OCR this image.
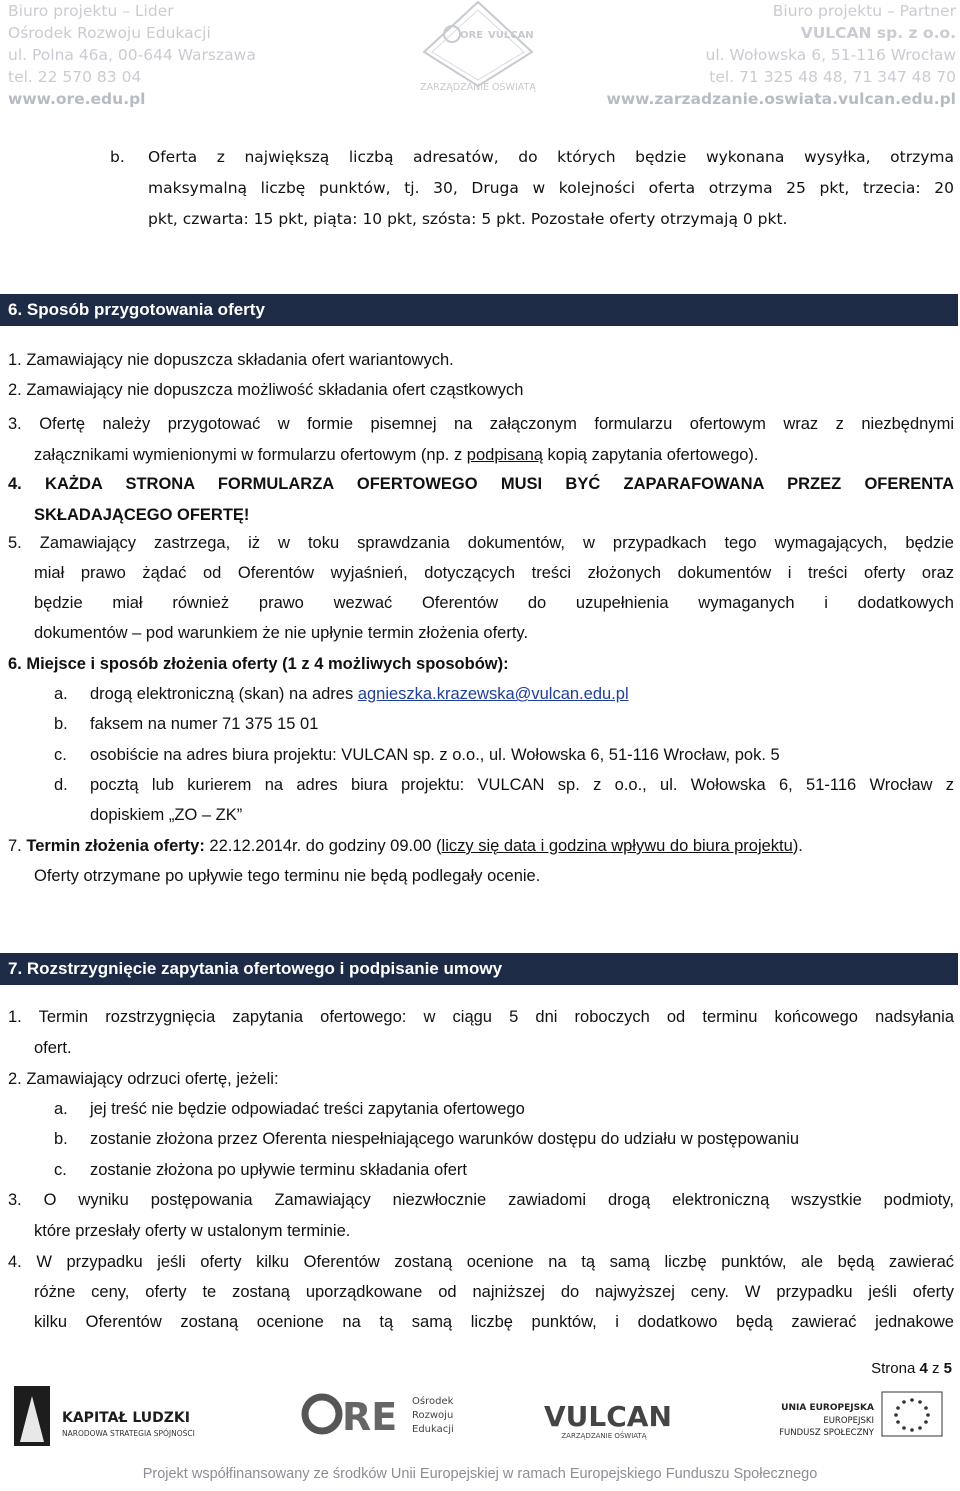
Biuro projektu – Lider
Ośrodek Rozwoju Edukacji
ul. Polna 46a, 00-644 Warszawa
tel. 22 570 83 04
www.ore.edu.pl
ORE VULCAN
ZARZĄDZANIE OŚWIATĄ
Biuro projektu – Partner
VULCAN sp. z o.o.
ul. Wołowska 6, 51-116 Wrocław
tel. 71 325 48 48, 71 347 48 70
www.zarzadzanie.oswiata.vulcan.edu.pl
b. Oferta z największą liczbą adresatów, do których będzie wykonana wysyłka, otrzyma
maksymalną liczbę punktów, tj. 30, Druga w kolejności oferta otrzyma 25 pkt, trzecia: 20
pkt, czwarta: 15 pkt, piąta: 10 pkt, szósta: 5 pkt. Pozostałe oferty otrzymają 0 pkt.
6. Sposób przygotowania oferty
1. Zamawiający nie dopuszcza składania ofert wariantowych.
2. Zamawiający nie dopuszcza możliwość składania ofert cząstkowych
3. Ofertę należy przygotować w formie pisemnej na załączonym formularzu ofertowym wraz z niezbędnymi
załącznikami wymienionymi w formularzu ofertowym (np. z podpisaną kopią zapytania ofertowego).
4. KAŻDA STRONA FORMULARZA OFERTOWEGO MUSI BYĆ ZAPARAFOWANA PRZEZ OFERENTA
SKŁADAJĄCEGO OFERTĘ!
5. Zamawiający zastrzega, iż w toku sprawdzania dokumentów, w przypadkach tego wymagających, będzie
miał prawo żądać od Oferentów wyjaśnień, dotyczących treści złożonych dokumentów i treści oferty oraz
będzie miał również prawo wezwać Oferentów do uzupełnienia wymaganych i dodatkowych
dokumentów – pod warunkiem że nie upłynie termin złożenia oferty.
6. Miejsce i sposób złożenia oferty (1 z 4 możliwych sposobów):
a. drogą elektroniczną (skan) na adres agnieszka.krazewska@vulcan.edu.pl
b. faksem na numer 71 375 15 01
c. osobiście na adres biura projektu: VULCAN sp. z o.o., ul. Wołowska 6, 51-116 Wrocław, pok. 5
d. pocztą lub kurierem na adres biura projektu: VULCAN sp. z o.o., ul. Wołowska 6, 51-116 Wrocław z
dopiskiem „ZO – ZK”
7. Termin złożenia oferty: 22.12.2014r. do godziny 09.00 (liczy się data i godzina wpływu do biura projektu).
Oferty otrzymane po upływie tego terminu nie będą podlegały ocenie.
7. Rozstrzygnięcie zapytania ofertowego i podpisanie umowy
1. Termin rozstrzygnięcia zapytania ofertowego: w ciągu 5 dni roboczych od terminu końcowego nadsyłania
ofert.
2. Zamawiający odrzuci ofertę, jeżeli:
a. jej treść nie będzie odpowiadać treści zapytania ofertowego
b. zostanie złożona przez Oferenta niespełniającego warunków dostępu do udziału w postępowaniu
c. zostanie złożona po upływie terminu składania ofert
3. O wyniku postępowania Zamawiający niezwłocznie zawiadomi drogą elektroniczną wszystkie podmioty,
które przesłały oferty w ustalonym terminie.
4. W przypadku jeśli oferty kilku Oferentów zostaną ocenione na tą samą liczbę punktów, ale będą zawierać
różne ceny, oferty te zostaną uporządkowane od najniższej do najwyższej ceny. W przypadku jeśli oferty
kilku Oferentów zostaną ocenione na tą samą liczbę punktów, i dodatkowo będą zawierać jednakowe
Strona 4 z 5
KAPITAŁ LUDZKI
NARODOWA STRATEGIA SPÓJNOŚCI	RE Ośrodek
Rozwoju
Edukacji	VULCAN
ZARZĄDZANIE OŚWIATĄ
UNIA EUROPEJSKA
EUROPEJSKI
FUNDUSZ SPOŁECZNY
Projekt współfinansowany ze środków Unii Europejskiej w ramach Europejskiego Funduszu Społecznego
